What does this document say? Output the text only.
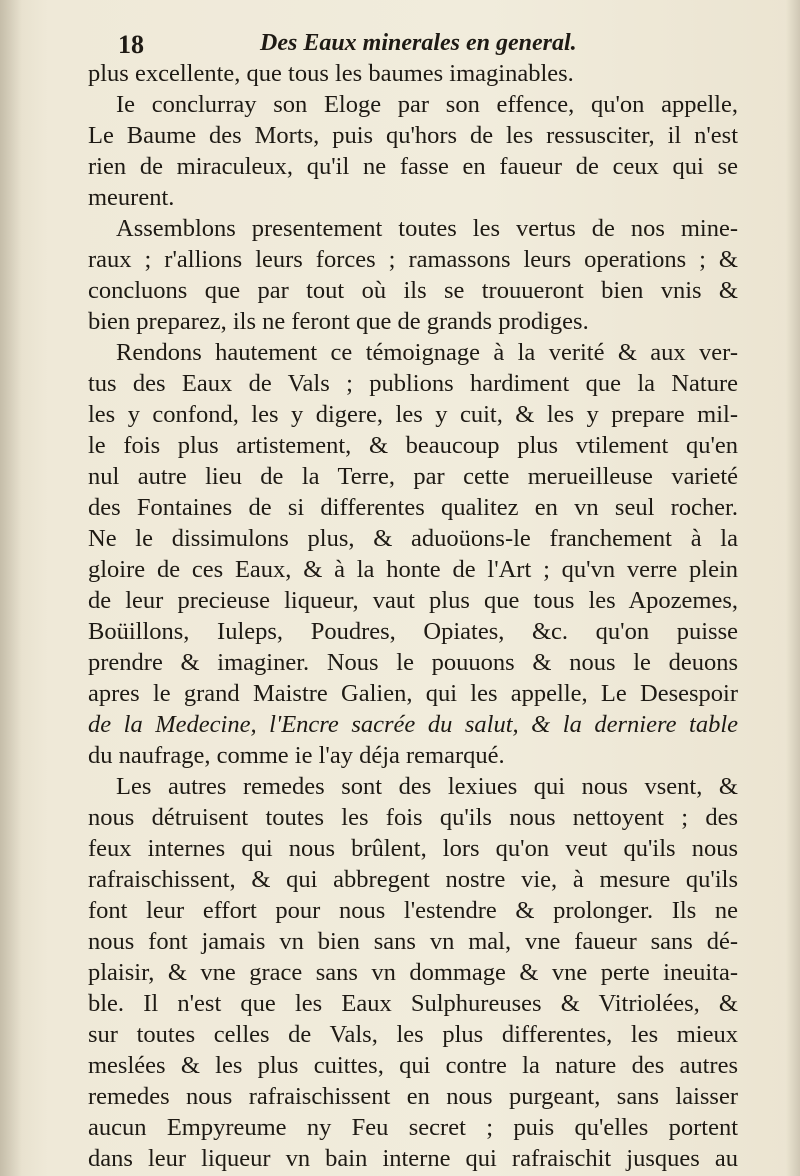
18	Des Eaux minerales en general.
plus excellente, que tous les baumes imaginables.
Ie conclurray son Eloge par son effence, qu'on appelle,
Le Baume des Morts, puis qu'hors de les ressusciter, il n'est
rien de miraculeux, qu'il ne fasse en faueur de ceux qui se
meurent.
Assemblons presentement toutes les vertus de nos mine-
raux ; r'allions leurs forces ; ramassons leurs operations ; &
concluons que par tout où ils se trouueront bien vnis &
bien preparez, ils ne feront que de grands prodiges.
Rendons hautement ce témoignage à la verité & aux ver-
tus des Eaux de Vals ; publions hardiment que la Nature
les y confond, les y digere, les y cuit, & les y prepare mil-
le fois plus artistement, & beaucoup plus vtilement qu'en
nul autre lieu de la Terre, par cette merueilleuse varieté
des Fontaines de si differentes qualitez en vn seul rocher.
Ne le dissimulons plus, & aduoüons-le franchement à la
gloire de ces Eaux, & à la honte de l'Art ; qu'vn verre plein
de leur precieuse liqueur, vaut plus que tous les Apozemes,
Boüillons, Iuleps, Poudres, Opiates, &c. qu'on puisse
prendre & imaginer. Nous le pouuons & nous le deuons
apres le grand Maistre Galien, qui les appelle, Le Desespoir
de la Medecine, l'Encre sacrée du salut, & la derniere table
du naufrage, comme ie l'ay déja remarqué.
Les autres remedes sont des lexiues qui nous vsent, &
nous détruisent toutes les fois qu'ils nous nettoyent ; des
feux internes qui nous brûlent, lors qu'on veut qu'ils nous
rafraischissent, & qui abbregent nostre vie, à mesure qu'ils
font leur effort pour nous l'estendre & prolonger. Ils ne
nous font jamais vn bien sans vn mal, vne faueur sans dé-
plaisir, & vne grace sans vn dommage & vne perte ineuita-
ble. Il n'est que les Eaux Sulphureuses & Vitriolées, &
sur toutes celles de Vals, les plus differentes, les mieux
meslées & les plus cuittes, qui contre la nature des autres
remedes nous rafraischissent en nous purgeant, sans laisser
aucun Empyreume ny Feu secret ; puis qu'elles portent
dans leur liqueur vn bain interne qui rafraischit jusques au
